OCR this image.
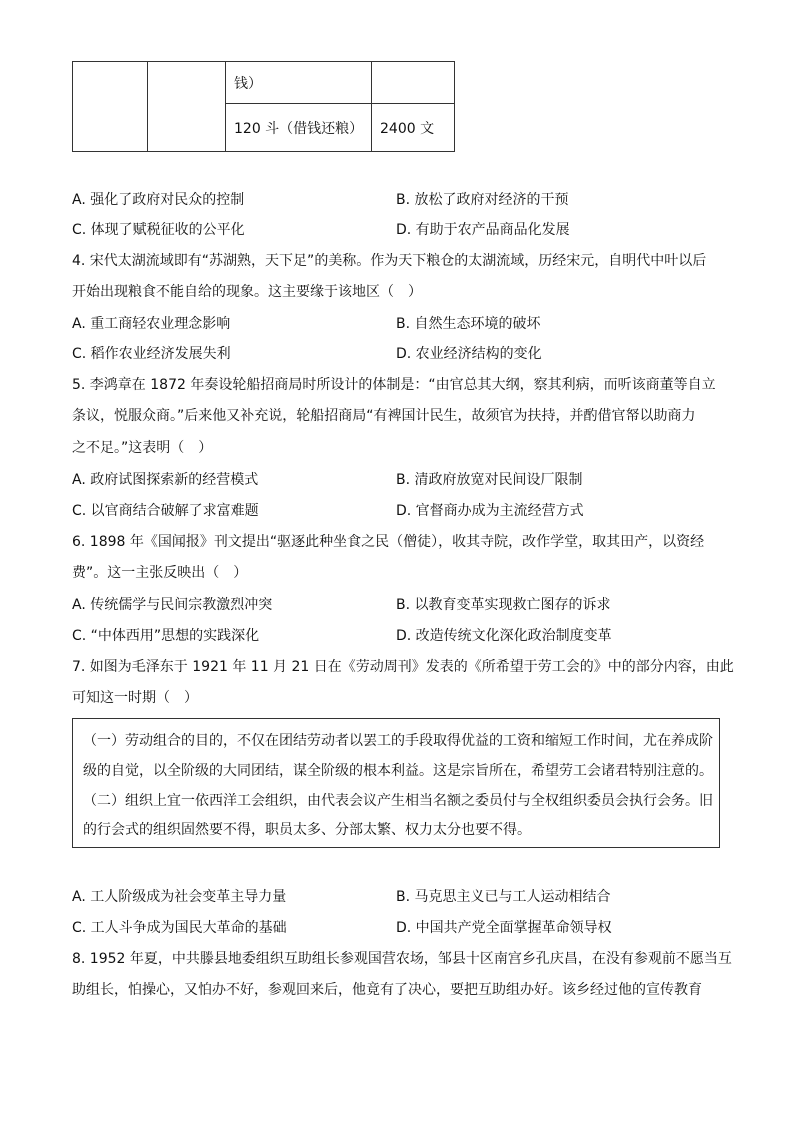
		钱）	
		120 斗（借钱还粮）	2400 文
A. 强化了政府对民众的控制	B. 放松了政府对经济的干预
C. 体现了赋税征收的公平化	D. 有助于农产品商品化发展
4. 宋代太湖流域即有“苏湖熟，天下足”的美称。作为天下粮仓的太湖流域，历经宋元，自明代中叶以后
开始出现粮食不能自给的现象。这主要缘于该地区（　）
A. 重工商轻农业理念影响	B. 自然生态环境的破坏
C. 稻作农业经济发展失利	D. 农业经济结构的变化
5. 李鸿章在 1872 年奏设轮船招商局时所设计的体制是：“由官总其大纲，察其利病，而听该商董等自立
条议，悦服众商。”后来他又补充说，轮船招商局“有裨国计民生，故须官为扶持，并酌借官帑以助商力
之不足。”这表明（　）
A. 政府试图探索新的经营模式	B. 清政府放宽对民间设厂限制
C. 以官商结合破解了求富难题	D. 官督商办成为主流经营方式
6. 1898 年《国闻报》刊文提出“驱逐此种坐食之民（僧徒），收其寺院，改作学堂，取其田产，以资经
费”。这一主张反映出（　）
A. 传统儒学与民间宗教激烈冲突	B. 以教育变革实现救亡图存的诉求
C. “中体西用”思想的实践深化	D. 改造传统文化深化政治制度变革
7. 如图为毛泽东于 1921 年 11 月 21 日在《劳动周刊》发表的《所希望于劳工会的》中的部分内容，由此
可知这一时期（　）
（一）劳动组合的目的，不仅在团结劳动者以罢工的手段取得优益的工资和缩短工作时间，尤在养成阶
级的自觉，以全阶级的大同团结，谋全阶级的根本利益。这是宗旨所在，希望劳工会诸君特别注意的。
（二）组织上宜一依西洋工会组织，由代表会议产生相当名额之委员付与全权组织委员会执行会务。旧
的行会式的组织固然要不得，职员太多、分部太繁、权力太分也要不得。
A. 工人阶级成为社会变革主导力量	B. 马克思主义已与工人运动相结合
C. 工人斗争成为国民大革命的基础	D. 中国共产党全面掌握革命领导权
8. 1952 年夏，中共滕县地委组织互助组长参观国营农场，邹县十区南宫乡孔庆昌，在没有参观前不愿当互
助组长，怕操心，又怕办不好，参观回来后，他竟有了决心，要把互助组办好。该乡经过他的宣传教育
